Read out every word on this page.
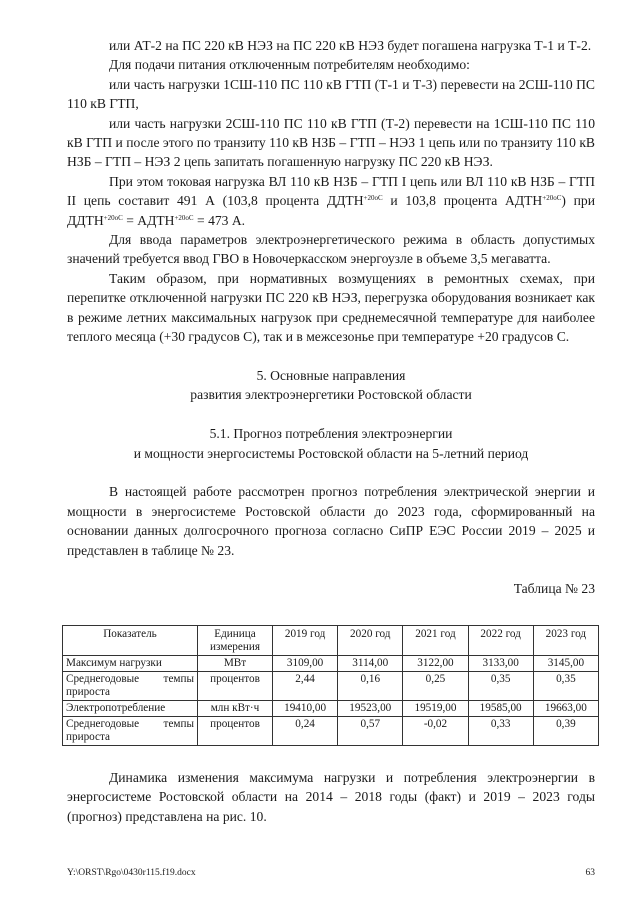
или АТ-2 на ПС 220 кВ НЭЗ на ПС 220 кВ НЭЗ будет погашена нагрузка Т-1 и Т-2.

Для подачи питания отключенным потребителям необходимо:

или часть нагрузки 1СШ-110 ПС 110 кВ ГТП (Т-1 и Т-3) перевести на 2СШ-110 ПС 110 кВ ГТП,

или часть нагрузки 2СШ-110 ПС 110 кВ ГТП (Т-2) перевести на 1СШ-110 ПС 110 кВ ГТП и после этого по транзиту 110 кВ НЗБ – ГТП – НЭЗ 1 цепь или по транзиту 110 кВ НЗБ – ГТП – НЭЗ 2 цепь запитать погашенную нагрузку ПС 220 кВ НЭЗ.

При этом токовая нагрузка ВЛ 110 кВ НЗБ – ГТП I цепь или ВЛ 110 кВ НЗБ – ГТП II цепь составит 491 А (103,8 процента $ДДТН^{+20оС}$ и 103,8 процента $АДТН^{+20оС}$) при $ДДТН^{+20оС}$ = $АДТН^{+20оС} = 473$ А.

Для ввода параметров электроэнергетического режима в область допустимых значений требуется ввод ГВО в Новочеркасском энергоузле в объеме 3,5 мегаватта.

Таким образом, при нормативных возмущениях в ремонтных схемах, при перепитке отключенной нагрузки ПС 220 кВ НЭЗ, перегрузка оборудования возникает как в режиме летних максимальных нагрузок при среднемесячной температуре для наиболее теплого месяца (+30 градусов С), так и в межсезонье при температуре +20 градусов С.

5. Основные направления

развития электроэнергетики Ростовской области

5.1. Прогноз потребления электроэнергии

и мощности энергосистемы Ростовской области на 5-летний период

В настоящей работе рассмотрен прогноз потребления электрической энергии и мощности в энергосистеме Ростовской области до 2023 года, сформированный на основании данных долгосрочного прогноза согласно СиПР ЕЭС России 2019 – 2025 и представлен в таблице № 23.

Таблица № 23

Показатель	Единица измерения	2019 год	2020 год	2021 год	2022 год	2023 год
Максимум нагрузки	МВт	3109,00	3114,00	3122,00	3133,00	3145,00
Среднегодовые темпы прироста	процентов	2,44	0,16	0,25	0,35	0,35
Электропотребление	млн кВт·ч	19410,00	19523,00	19519,00	19585,00	19663,00
Среднегодовые темпы прироста	процентов	0,24	0,57	-0,02	0,33	0,39

Динамика изменения максимума нагрузки и потребления электроэнергии в энергосистеме Ростовской области на 2014 – 2018 годы (факт) и 2019 – 2023 годы (прогноз) представлена на рис. 10.

Y:\ORST\Rgo\0430r115.f19.docx	63
